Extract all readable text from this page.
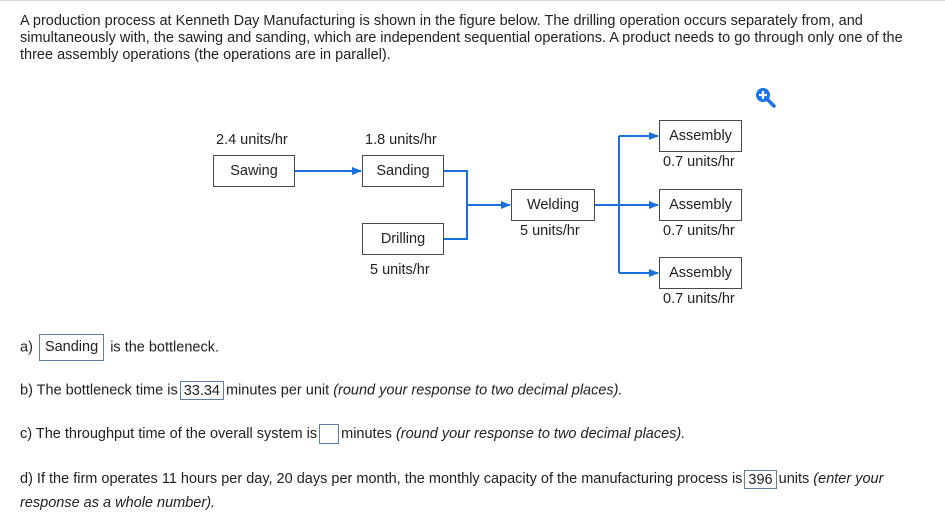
A production process at Kenneth Day Manufacturing is shown in the figure below. The drilling operation occurs separately from, and simultaneously with, the sawing and sanding, which are independent sequential operations. A product needs to go through only one of the three assembly operations (the operations are in parallel).

2.4 units/hr
Sawing
1.8 units/hr
Sanding
Drilling
5 units/hr
Welding
5 units/hr
Assembly
0.7 units/hr
Assembly
0.7 units/hr
Assembly
0.7 units/hr
a) Sanding is the bottleneck.
b) The bottleneck time is 33.34 minutes per unit (round your response to two decimal places).
c) The throughput time of the overall system is minutes (round your response to two decimal places).
d) If the firm operates 11 hours per day, 20 days per month, the monthly capacity of the manufacturing process is 396 units (enter your response as a whole number).
